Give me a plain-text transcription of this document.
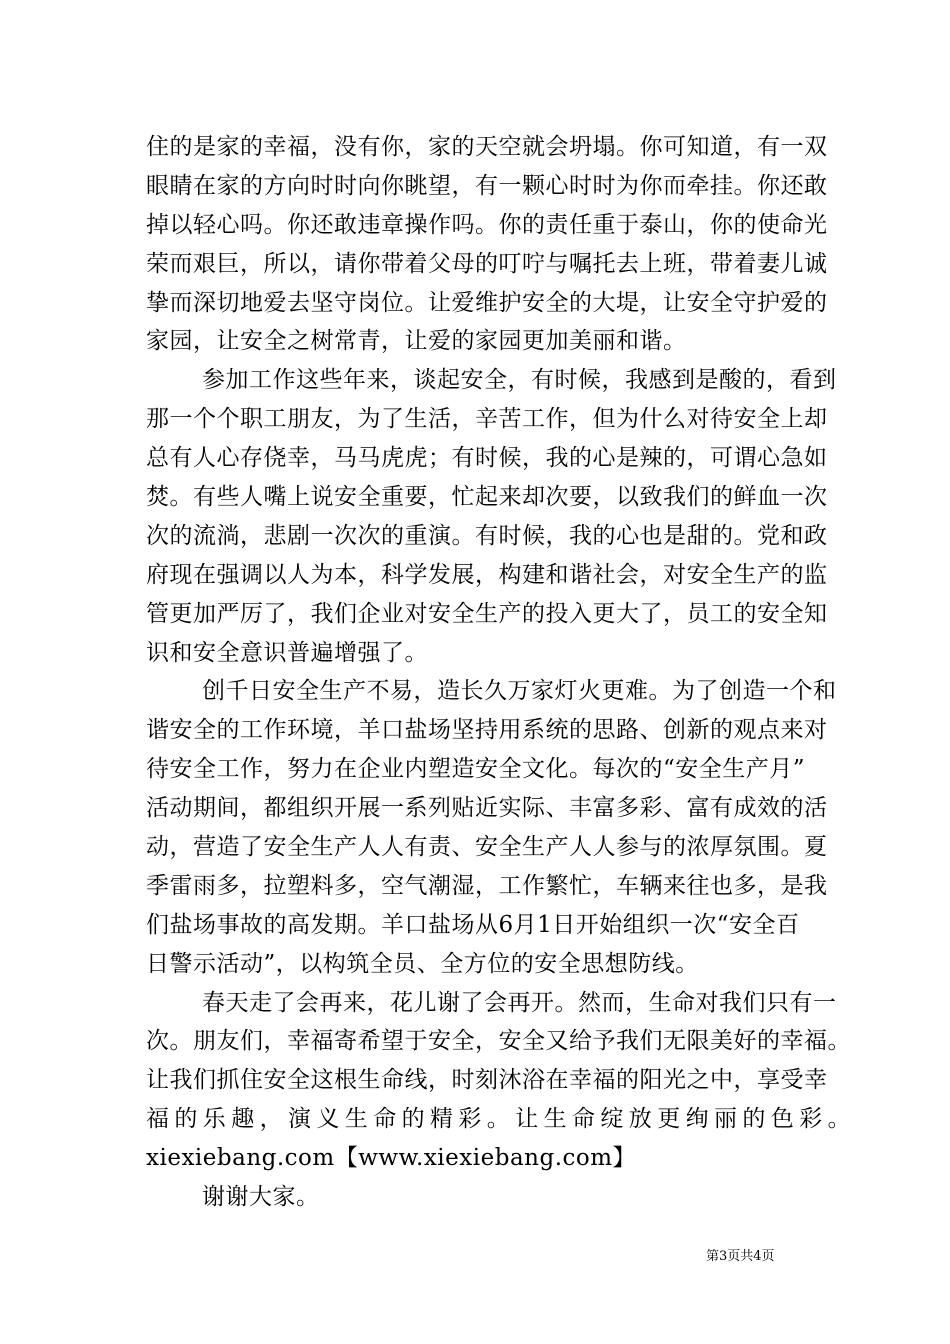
住的是家的幸福，没有你，家的天空就会坍塌。你可知道，有一双
眼睛在家的方向时时向你眺望，有一颗心时时为你而牵挂。你还敢
掉以轻心吗。你还敢违章操作吗。你的责任重于泰山，你的使命光
荣而艰巨，所以，请你带着父母的叮咛与嘱托去上班，带着妻儿诚
挚而深切地爱去坚守岗位。让爱维护安全的大堤，让安全守护爱的
家园，让安全之树常青，让爱的家园更加美丽和谐。
参加工作这些年来，谈起安全，有时候，我感到是酸的，看到
那一个个职工朋友，为了生活，辛苦工作，但为什么对待安全上却
总有人心存侥幸，马马虎虎；有时候，我的心是辣的，可谓心急如
焚。有些人嘴上说安全重要，忙起来却次要，以致我们的鲜血一次
次的流淌，悲剧一次次的重演。有时候，我的心也是甜的。党和政
府现在强调以人为本，科学发展，构建和谐社会，对安全生产的监
管更加严厉了，我们企业对安全生产的投入更大了，员工的安全知
识和安全意识普遍增强了。
创千日安全生产不易，造长久万家灯火更难。为了创造一个和
谐安全的工作环境，羊口盐场坚持用系统的思路、创新的观点来对
待安全工作，努力在企业内塑造安全文化。每次的“安全生产月”
活动期间，都组织开展一系列贴近实际、丰富多彩、富有成效的活
动，营造了安全生产人人有责、安全生产人人参与的浓厚氛围。夏
季雷雨多，拉塑料多，空气潮湿，工作繁忙，车辆来往也多，是我
们盐场事故的高发期。羊口盐场从6月1日开始组织一次“安全百
日警示活动”，以构筑全员、全方位的安全思想防线。
春天走了会再来，花儿谢了会再开。然而，生命对我们只有一
次。朋友们，幸福寄希望于安全，安全又给予我们无限美好的幸福。
让我们抓住安全这根生命线，时刻沐浴在幸福的阳光之中，享受幸
福的乐趣，演义生命的精彩。让生命绽放更绚丽的色彩。
xiexiebang.com【www.xiexiebang.com】
谢谢大家。
第3页共4页
